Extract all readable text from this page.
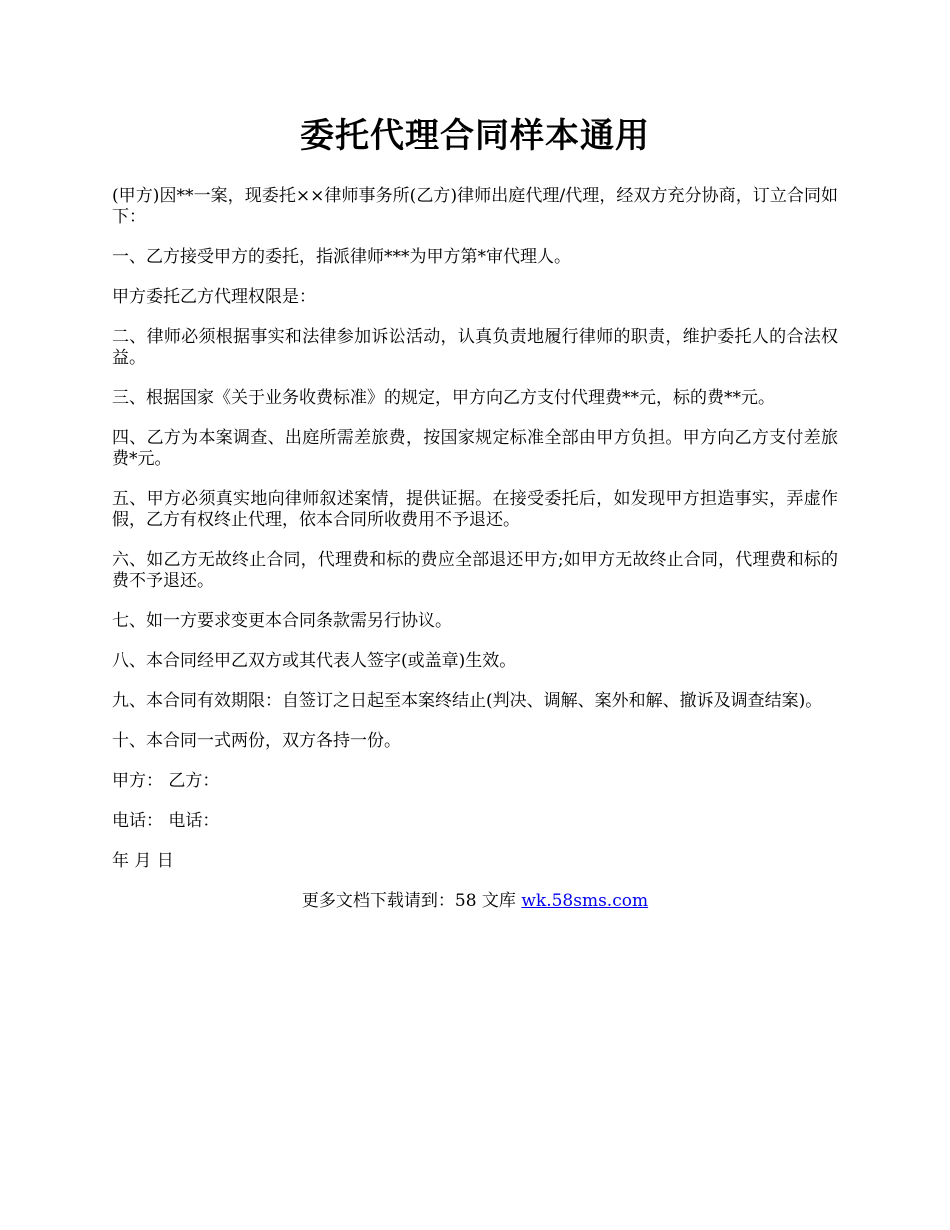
委托代理合同样本通用

(甲方)因**一案，现委托××律师事务所(乙方)律师出庭代理/代理，经双方充分协商，订立合同如下：

一、乙方接受甲方的委托，指派律师***为甲方第*审代理人。

甲方委托乙方代理权限是：

二、律师必须根据事实和法律参加诉讼活动，认真负责地履行律师的职责，维护委托人的合法权益。

三、根据国家《关于业务收费标准》的规定，甲方向乙方支付代理费**元，标的费**元。

四、乙方为本案调查、出庭所需差旅费，按国家规定标准全部由甲方负担。甲方向乙方支付差旅费*元。

五、甲方必须真实地向律师叙述案情，提供证据。在接受委托后，如发现甲方担造事实，弄虚作假，乙方有权终止代理，依本合同所收费用不予退还。

六、如乙方无故终止合同，代理费和标的费应全部退还甲方;如甲方无故终止合同，代理费和标的费不予退还。

七、如一方要求变更本合同条款需另行协议。

八、本合同经甲乙双方或其代表人签字(或盖章)生效。

九、本合同有效期限：自签订之日起至本案终结止(判决、调解、案外和解、撤诉及调查结案)。

十、本合同一式两份，双方各持一份。

甲方： 乙方：

电话： 电话：

年 月 日

更多文档下载请到：58 文库 wk.58sms.com
